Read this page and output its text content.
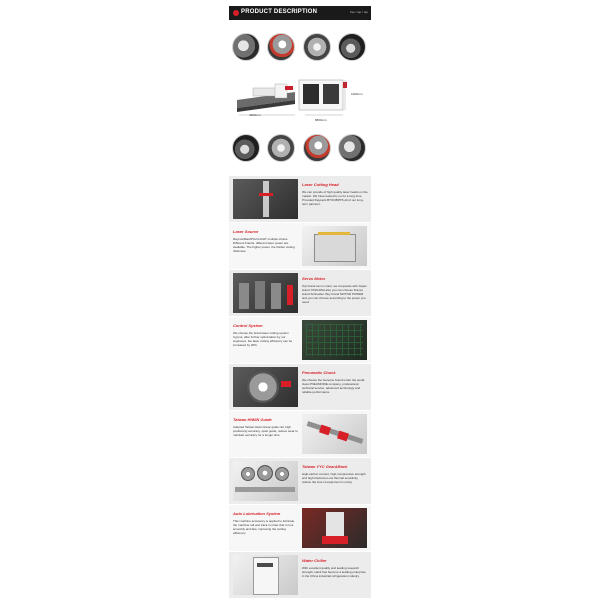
PRODUCT DESCRIPTION	Tap / tap / tap
1900mm
4600mm
8800mm

Laser Cutting Head

We can provide of high quality laser heads on the market. We have tested by us for a long time. Provided Raytools BT/IC/BPPS all of our long-term partners.

Laser Source

Raycus/Max/IPG/nLIGHT multiple choice. Different brands, different laser power are available. The higher power, the thicker cutting thickness.

Servo Motor

Top brand servo motor, we cooperate with Japan brand YASKAWA also you can choose France brand Schneider. Buy brand MOTOR POWER and you can choose according to the power you need.

Control System

We choose the brand laser cutting system Cypcut, after further optimization by our engineers, the laser cutting efficiency can be increased by 30%.

Pneumatic Chuck

We choose the Genuine brand under the world-class PNEUMOIDE company, professional technical service, advanced technology and reliable performance.

Taiwan HIWIN Guide

Adopted Taiwan Hiwin linear guide rail, high positioning accuracy, quiet guide, reduce wear to maintain accuracy for a longer time.

Taiwan YYC Gear&Rack

High-carbon content, high compressive strength and high hardness,Low thermal sensitivity, reduce the loss of equipment in using.

Auto Lubrication System

This machine accessory is applied to lubricate the machine rail and track in order that it runs smoothly and fast, improving the cutting efficiency.

Water Chiller

With excellent quality and leading research strength, Hanli has become a leading enterprise in the China industrial refrigeration industry.
